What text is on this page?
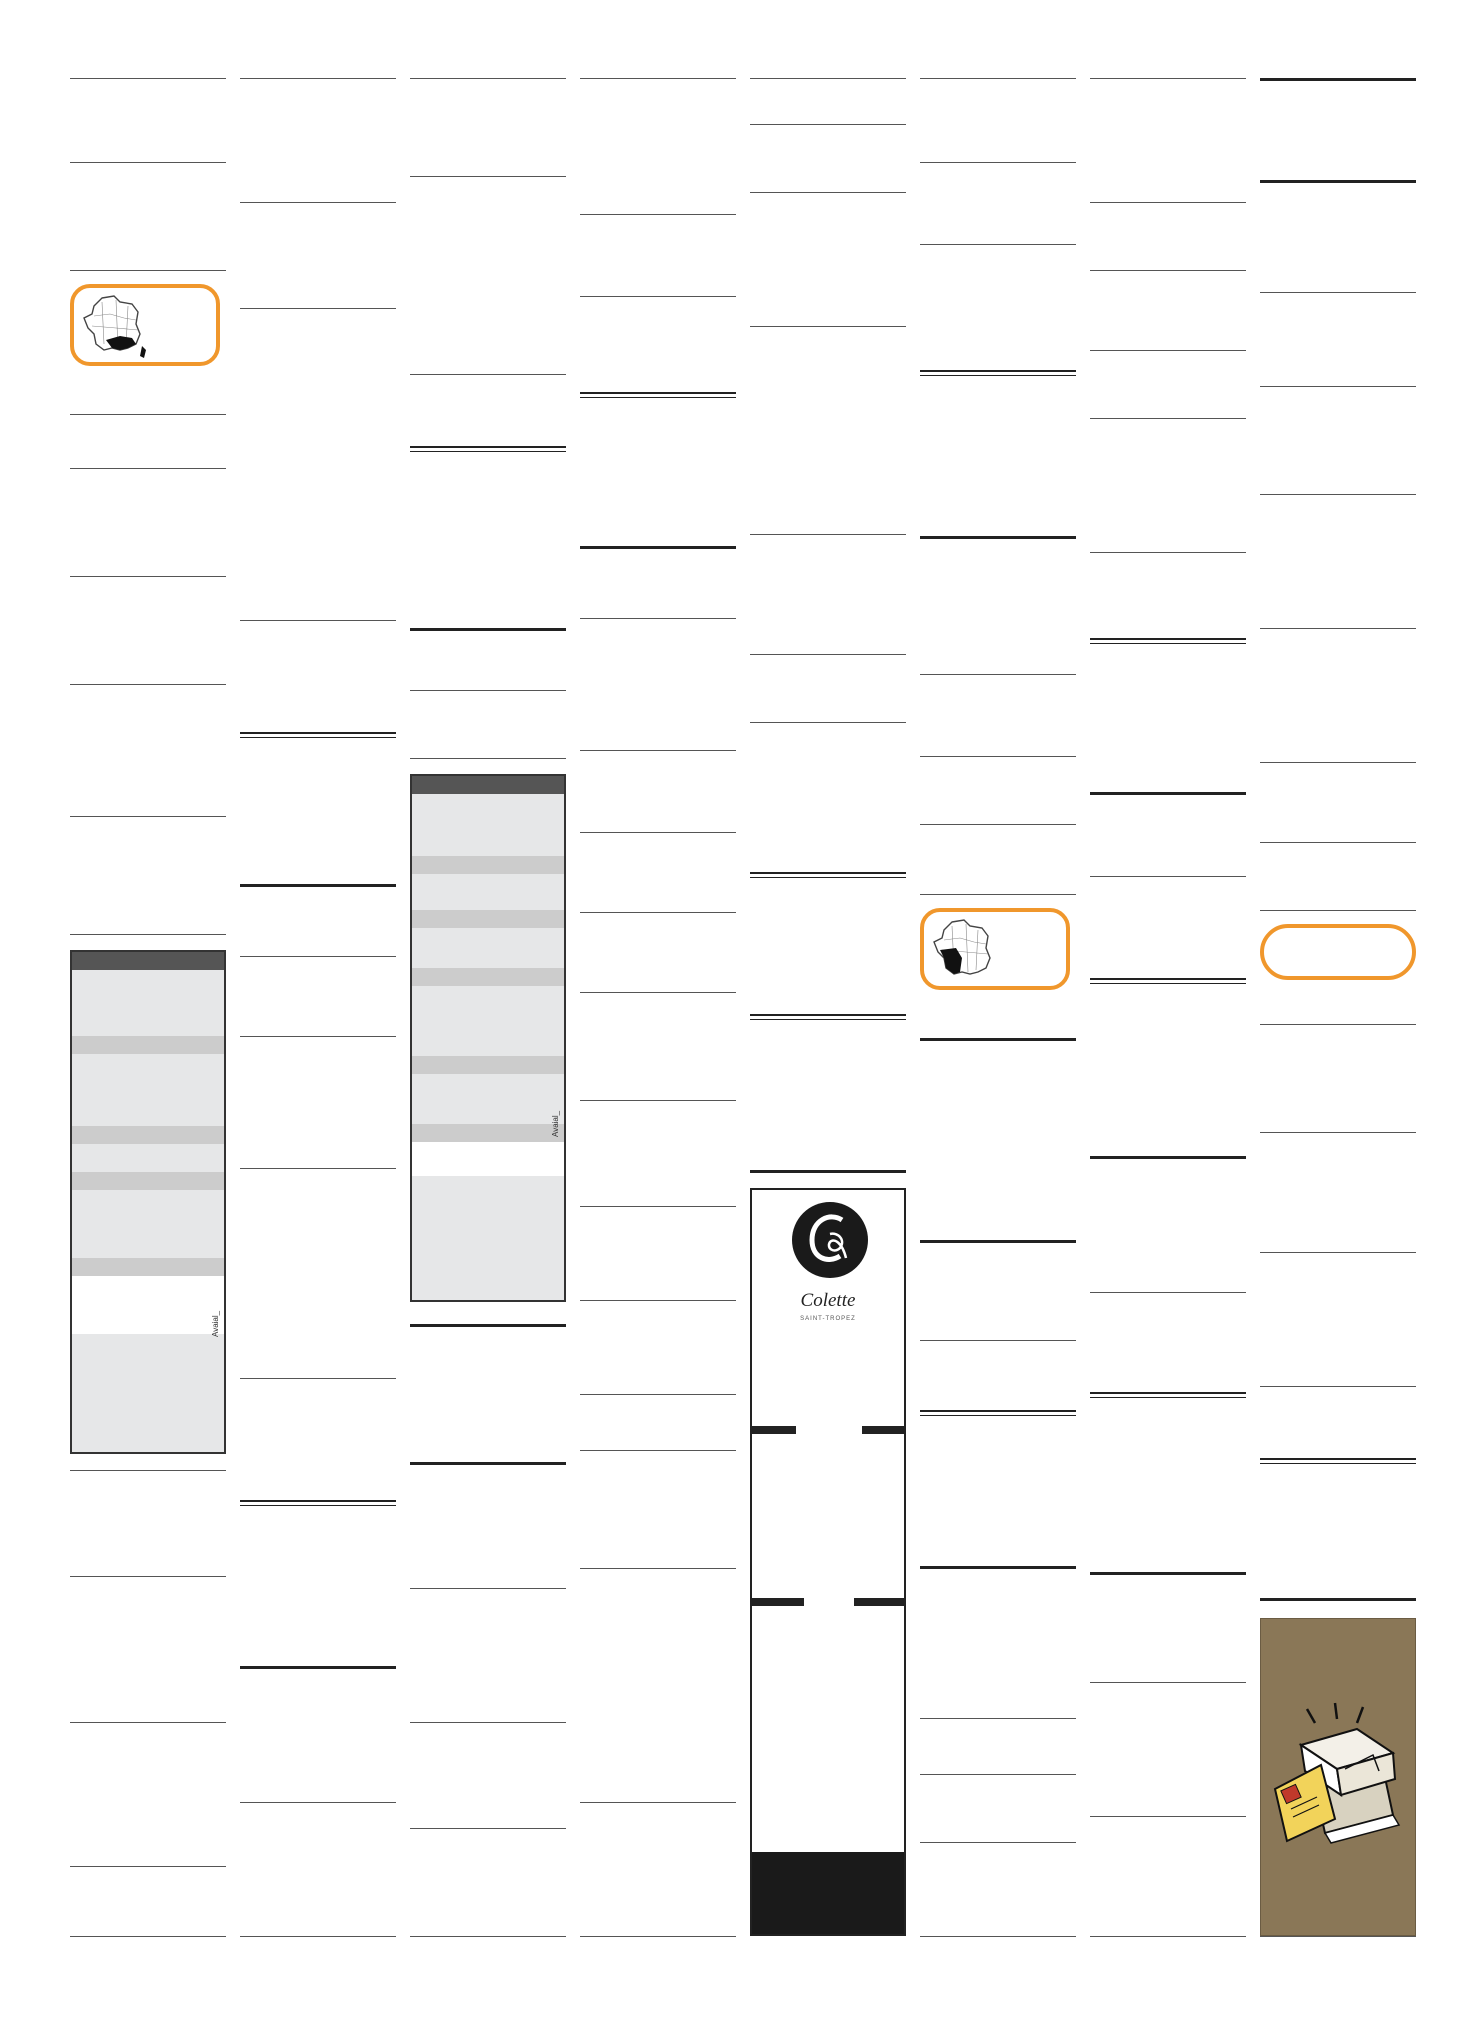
Avaial_
Avaial_
Colette
SAINT-TROPEZ
